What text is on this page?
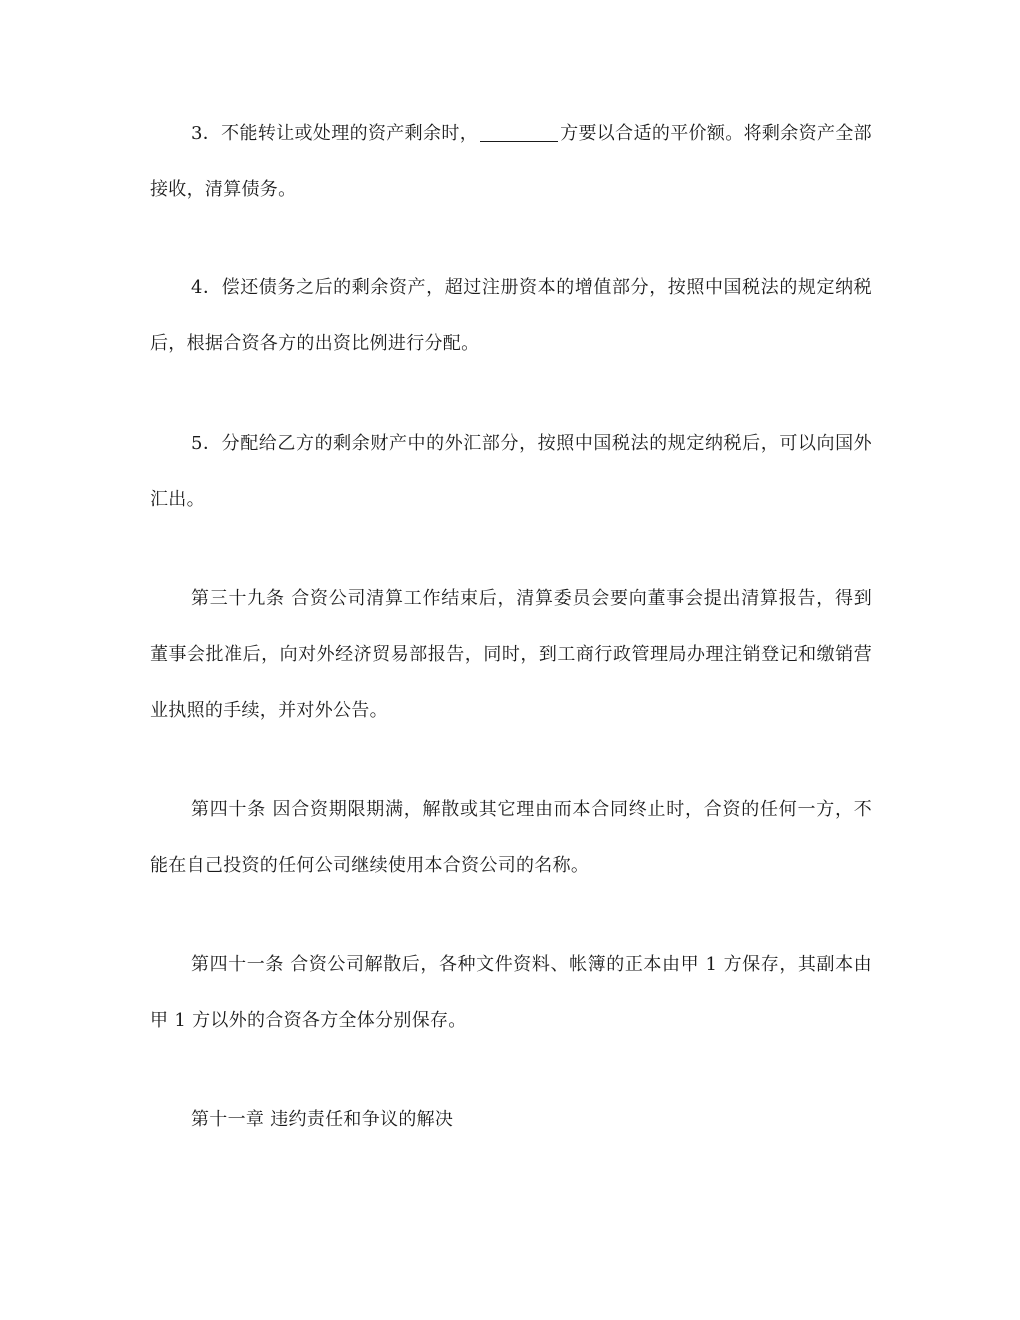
3．不能转让或处理的资产剩余时，	方要以合适的平价额。将剩余资产全部接收，清算债务。

4．偿还债务之后的剩余资产，超过注册资本的增值部分，按照中国税法的规定纳税后，根据合资各方的出资比例进行分配。

5．分配给乙方的剩余财产中的外汇部分，按照中国税法的规定纳税后，可以向国外汇出。

第三十九条 合资公司清算工作结束后，清算委员会要向董事会提出清算报告，得到董事会批准后，向对外经济贸易部报告，同时，到工商行政管理局办理注销登记和缴销营业执照的手续，并对外公告。

第四十条 因合资期限期满，解散或其它理由而本合同终止时，合资的任何一方，不能在自己投资的任何公司继续使用本合资公司的名称。

第四十一条 合资公司解散后，各种文件资料、帐簿的正本由甲 1 方保存，其副本由甲 1 方以外的合资各方全体分别保存。

第十一章 违约责任和争议的解决
